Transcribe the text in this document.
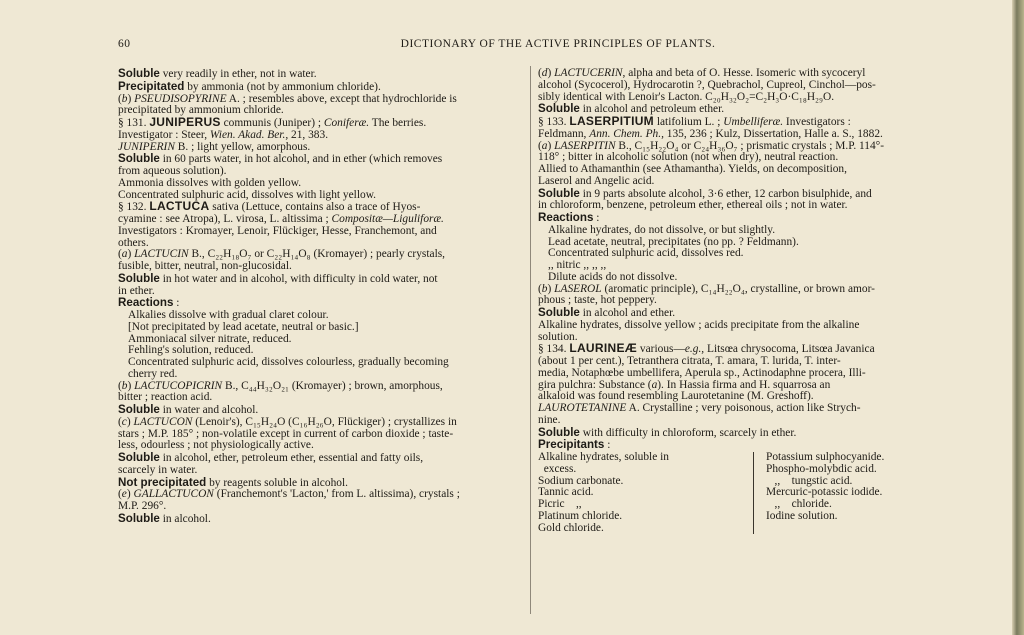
60	DICTIONARY OF THE ACTIVE PRINCIPLES OF PLANTS.

Soluble very readily in ether, not in water.

Precipitated by ammonia (not by ammonium chloride).

(b) PSEUDISOPYRINE A. ; resembles above, except that hydrochloride is

precipitated by ammonium chloride.

§ 131. JUNIPERUS communis (Juniper) ; Coniferæ. The berries.

Investigator : Steer, Wien. Akad. Ber., 21, 383.

JUNIPERIN B. ; light yellow, amorphous.

Soluble in 60 parts water, in hot alcohol, and in ether (which removes

from aqueous solution).

Ammonia dissolves with golden yellow.

Concentrated sulphuric acid, dissolves with light yellow.

§ 132. LACTUCA sativa (Lettuce, contains also a trace of Hyos-

cyamine : see Atropa), L. virosa, L. altissima ; Compositæ—Liguliforæ.

Investigators : Kromayer, Lenoir, Flückiger, Hesse, Franchemont, and

others.

(a) LACTUCIN B., C₂₂H₁₈O₇ or C₂₂H₁₄O₈ (Kromayer) ; pearly crystals,

fusible, bitter, neutral, non-glucosidal.

Soluble in hot water and in alcohol, with difficulty in cold water, not

in ether.

Reactions :

Alkalies dissolve with gradual claret colour.

[Not precipitated by lead acetate, neutral or basic.]

Ammoniacal silver nitrate, reduced.

Fehling's solution, reduced.

Concentrated sulphuric acid, dissolves colourless, gradually becoming

cherry red.

(b) LACTUCOPICRIN B., C₄₄H₃₂O₂₁ (Kromayer) ; brown, amorphous,

bitter ; reaction acid.

Soluble in water and alcohol.

(c) LACTUCON (Lenoir's), C₁₅H₂₄O (C₁₆H₂₆O, Flückiger) ; crystallizes in

stars ; M.P. 185° ; non-volatile except in current of carbon dioxide ; taste-

less, odourless ; not physiologically active.

Soluble in alcohol, ether, petroleum ether, essential and fatty oils,

scarcely in water.

Not precipitated by reagents soluble in alcohol.

(e) GALLACTUCON (Franchemont's 'Lacton,' from L. altissima), crystals ;

M.P. 296°.

Soluble in alcohol.

(d) LACTUCERIN, alpha and beta of O. Hesse. Isomeric with sycoceryl

alcohol (Sycocerol), Hydrocarotin ?, Quebrachol, Cupreol, Cinchol—pos-

sibly identical with Lenoir's Lacton. C₂₀H₃₂O₂=C₂H₃O·C₁₈H₂₉O.

Soluble in alcohol and petroleum ether.

§ 133. LASERPITIUM latifolium L. ; Umbelliferæ. Investigators :

Feldmann, Ann. Chem. Ph., 135, 236 ; Kulz, Dissertation, Halle a. S., 1882.

(a) LASERPITIN B., C₁₅H₂₂O₄ or C₂₄H₃₆O₇ ; prismatic crystals ; M.P. 114°-

118° ; bitter in alcoholic solution (not when dry), neutral reaction.

Allied to Athamanthin (see Athamantha). Yields, on decomposition,

Laserol and Angelic acid.

Soluble in 9 parts absolute alcohol, 3·6 ether, 12 carbon bisulphide, and

in chloroform, benzene, petroleum ether, ethereal oils ; not in water.

Reactions :

Alkaline hydrates, do not dissolve, or but slightly.

Lead acetate, neutral, precipitates (no pp. ? Feldmann).

Concentrated sulphuric acid, dissolves red.

,, nitric ,, ,, ,,

Dilute acids do not dissolve.

(b) LASEROL (aromatic principle), C₁₄H₂₂O₄, crystalline, or brown amor-

phous ; taste, hot peppery.

Soluble in alcohol and ether.

Alkaline hydrates, dissolve yellow ; acids precipitate from the alkaline

solution.

§ 134. LAURINEÆ various—e.g., Litsœa chrysocoma, Litsœa Javanica

(about 1 per cent.), Tetranthera citrata, T. amara, T. lurida, T. inter-

media, Notaphœbe umbellifera, Aperula sp., Actinodaphne procera, Illi-

gira pulchra: Substance (a). In Hassia firma and H. squarrosa an

alkaloid was found resembling Laurotetanine (M. Greshoff).

LAUROTETANINE A. Crystalline ; very poisonous, action like Strych-

nine.

Soluble with difficulty in chloroform, scarcely in ether.

Precipitants :

Alkaline hydrates, soluble in

excess.

Sodium carbonate.

Tannic acid.

Picric    ,,

Platinum chloride.

Gold chloride.

Potassium sulphocyanide.

Phospho-molybdic acid.

,,    tungstic acid.

Mercuric-potassic iodide.

,,    chloride.

Iodine solution.
